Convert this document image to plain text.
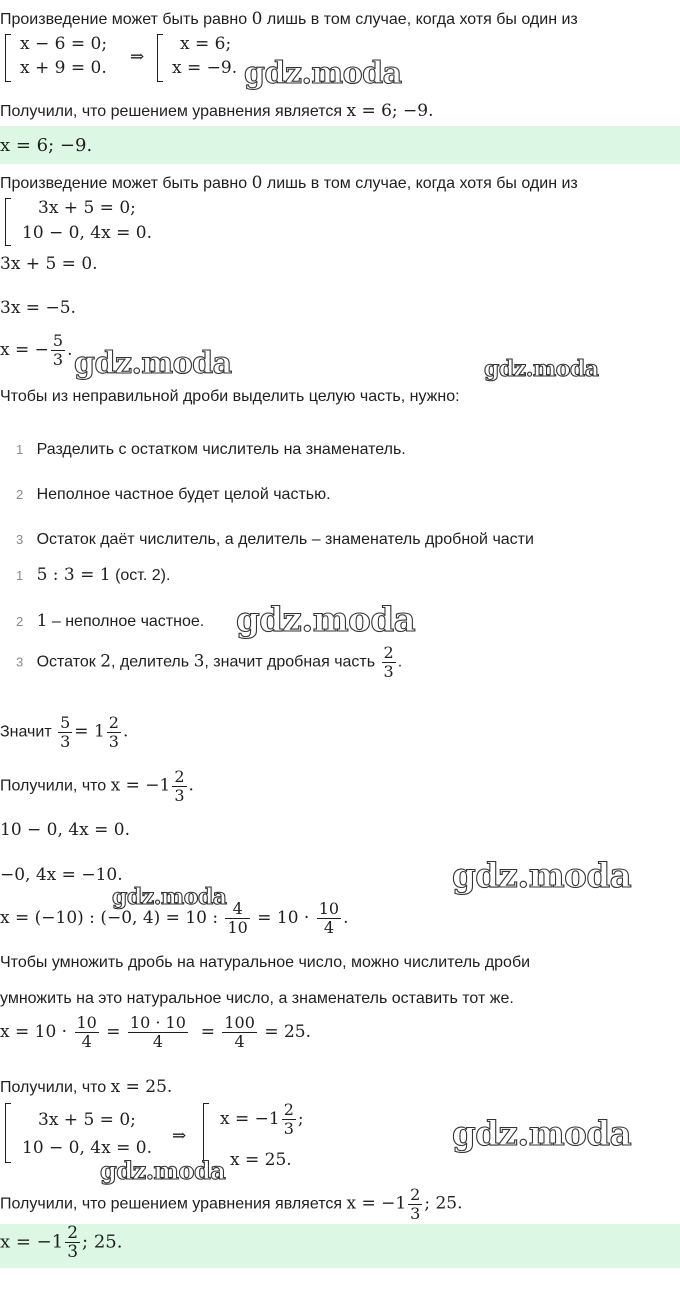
Произведение может быть равно 0 лишь в том случае, когда хотя бы один из
x − 6 = 0;
x + 9 = 0.
⇒
x = 6;
x = −9.
Получили, что решением уравнения является x = 6; −9.
x = 6; −9.
Произведение может быть равно 0 лишь в том случае, когда хотя бы один из
3x + 5 = 0;
10 − 0, 4x = 0.
3x + 5 = 0.
3x = −5.
x = − $\frac{5}{3}$ .
Чтобы из неправильной дроби выделить целую часть, нужно:
1 Разделить с остатком числитель на знаменатель.
2 Неполное частное будет целой частью.
3 Остаток даёт числитель, а делитель – знаменатель дробной части
1 5 : 3 = 1 (ост. 2).
2 1 – неполное частное.
3 Остаток 2, делитель 3, значит дробная часть $\frac{2}{3}$ .
Значит $\frac{5}{3} = 1 \frac{2}{3}$ .
Получили, что $x = -1 \frac{2}{3}$ .
10 − 0, 4x = 0.
−0, 4x = −10.
x = (−10) : (−0, 4) = 10 : $\frac{4}{10} = 10 \cdot \frac{10}{4}$ .
Чтобы умножить дробь на натуральное число, можно числитель дроби
умножить на это натуральное число, а знаменатель оставить тот же.
$x = 10 \cdot \frac{10}{4} = \frac{10 \cdot 10}{4} = \frac{100}{4} = 25$.
Получили, что x = 25.
3x + 5 = 0;
10 − 0, 4x = 0.
⇒
$x = -1 \frac{2}{3}$ ;
x = 25.
Получили, что решением уравнения является $x = -1 \frac{2}{3}$ ; 25.
$x = -1 \frac{2}{3}$ ; 25.
gdz.moda
gdz.moda	gdz.moda
gdz.moda
gdz.moda
gdz.moda
gdz.moda
gdz.moda
